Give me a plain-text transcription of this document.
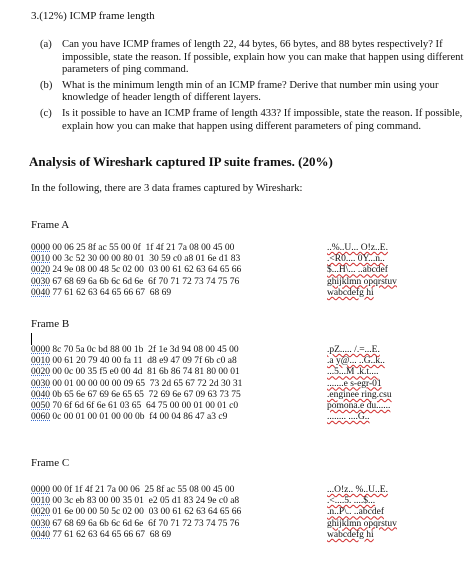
3.(12%) ICMP frame length
(a) Can you have ICMP frames of length 22, 44 bytes, 66 bytes, and 88 bytes respectively? If impossible, state the reason. If possible, explain how you can make that happen using different parameters of ping command.
(b) What is the minimum length min of an ICMP frame? Derive that number min using your knowledge of header length of different layers.
(c) Is it possible to have an ICMP frame of length 433? If impossible, state the reason. If possible, explain how you can make that happen using different parameters of ping command.
Analysis of Wireshark captured IP suite frames. (20%)
In the following, there are 3 data frames captured by Wireshark:
Frame A
0000 00 06 25 8f ac 55 00 0f  1f 4f 21 7a 08 00 45 00	..%..U... O!z..E.
0010 00 3c 52 30 00 00 80 01  30 59 c0 a8 01 6e d1 83	.<R0.... 0Y...n..
0020 24 9e 08 00 48 5c 02 00  03 00 61 62 63 64 65 66	$...H\... ..abcdef
0030 67 68 69 6a 6b 6c 6d 6e  6f 70 71 72 73 74 75 76	ghijklmn opqrstuv
0040 77 61 62 63 64 65 66 67  68 69	wabcdefg hi
Frame B
0000 8c 70 5a 0c bd 88 00 1b  2f 1e 3d 94 08 00 45 00	.pZ..... /.=...E.
0010 00 61 20 79 40 00 fa 11  d8 e9 47 09 7f 6b c0 a8	.a y@... ..G..k..
0020 00 0c 00 35 f5 e0 00 4d  81 6b 86 74 81 80 00 01	...5...M .k.t....
0030 00 01 00 00 00 00 09 65  73 2d 65 67 72 2d 30 31	.......e s-egr-01
0040 0b 65 6e 67 69 6e 65 65  72 69 6e 67 09 63 73 75	.enginee ring.csu
0050 70 6f 6d 6f 6e 61 03 65  64 75 00 00 01 00 01 c0	pomona.e du......
0060 0c 00 01 00 01 00 00 0b  f4 00 04 86 47 a3 c9	........ ....G..
Frame C
0000 00 0f 1f 4f 21 7a 00 06  25 8f ac 55 08 00 45 00	...O!z.. %..U..E.
0010 00 3c eb 83 00 00 35 01  e2 05 d1 83 24 9e c0 a8	.<....5. ....$...
0020 01 6e 00 00 50 5c 02 00  03 00 61 62 63 64 65 66	.n..P\.. ..abcdef
0030 67 68 69 6a 6b 6c 6d 6e  6f 70 71 72 73 74 75 76	ghijklmn opqrstuv
0040 77 61 62 63 64 65 66 67  68 69	wabcdefg hi
